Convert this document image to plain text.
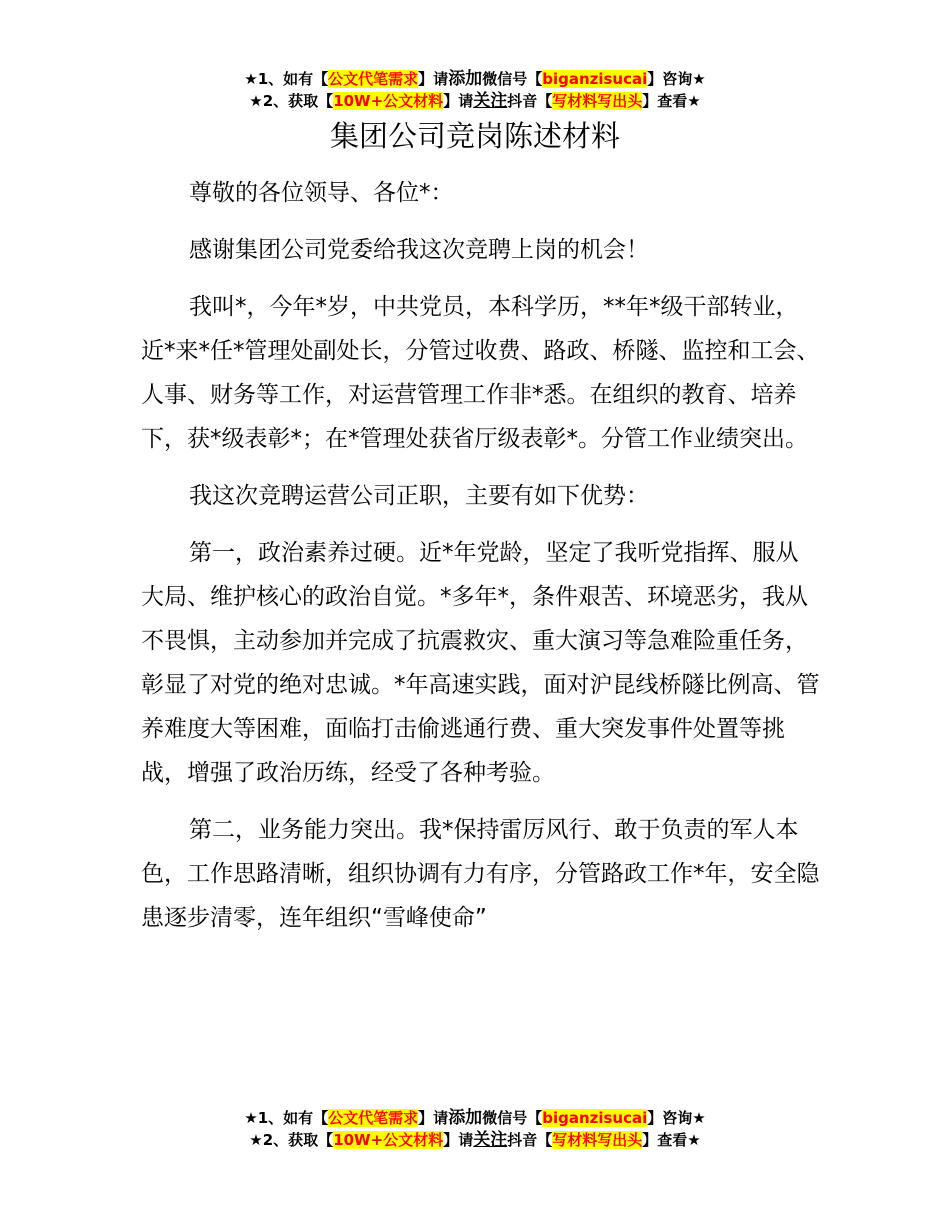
★1、如有【公文代笔需求】请添加微信号【biganzisucai】咨询★
★2、获取【10W+公文材料】请关注抖音【写材料写出头】查看★
集团公司竞岗陈述材料

尊敬的各位领导、各位*：

感谢集团公司党委给我这次竞聘上岗的机会！

我叫*，今年*岁，中共党员，本科学历，**年*级干部转业，近*来*任*管理处副处长，分管过收费、路政、桥隧、监控和工会、人事、财务等工作，对运营管理工作非*悉。在组织的教育、培养下，获*级表彰*；在*管理处获省厅级表彰*。分管工作业绩突出。

我这次竞聘运营公司正职，主要有如下优势：

第一，政治素养过硬。近*年党龄，坚定了我听党指挥、服从大局、维护核心的政治自觉。*多年*，条件艰苦、环境恶劣，我从不畏惧，主动参加并完成了抗震救灾、重大演习等急难险重任务，彰显了对党的绝对忠诚。*年高速实践，面对沪昆线桥隧比例高、管养难度大等困难，面临打击偷逃通行费、重大突发事件处置等挑战，增强了政治历练，经受了各种考验。

第二，业务能力突出。我*保持雷厉风行、敢于负责的军人本色，工作思路清晰，组织协调有力有序，分管路政工作*年，安全隐患逐步清零，连年组织“雪峰使命”

★1、如有【公文代笔需求】请添加微信号【biganzisucai】咨询★
★2、获取【10W+公文材料】请关注抖音【写材料写出头】查看★
